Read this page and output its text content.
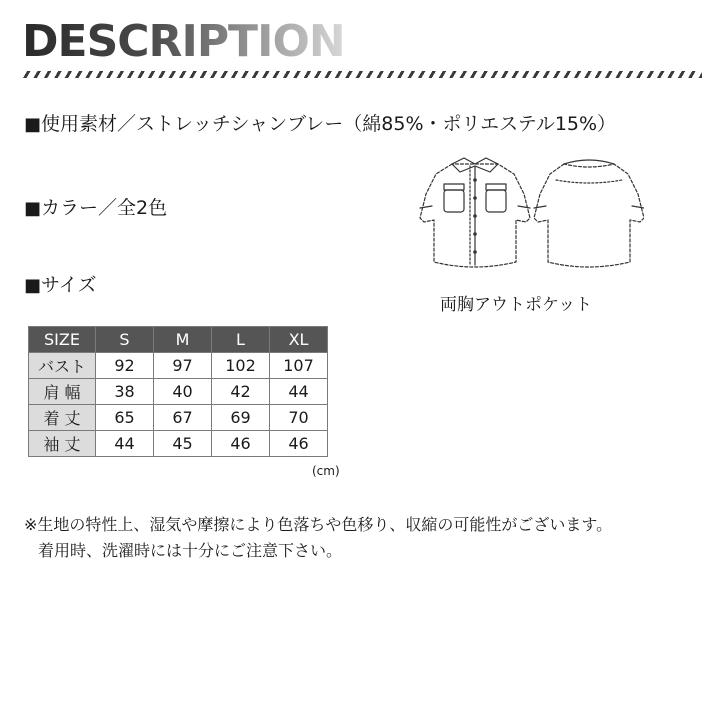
DESCRIPTION
■使用素材／ストレッチシャンブレー（綿85%・ポリエステル15%）
■カラー／全2色
■サイズ
両胸アウトポケット
SIZE	S	M	L	XL
バスト	92	97	102	107
肩 幅	38	40	42	44
着 丈	65	67	69	70
袖 丈	44	45	46	46
(cm)
※生地の特性上、湿気や摩擦により色落ちや色移り、収縮の可能性がございます。
着用時、洗濯時には十分にご注意下さい。
